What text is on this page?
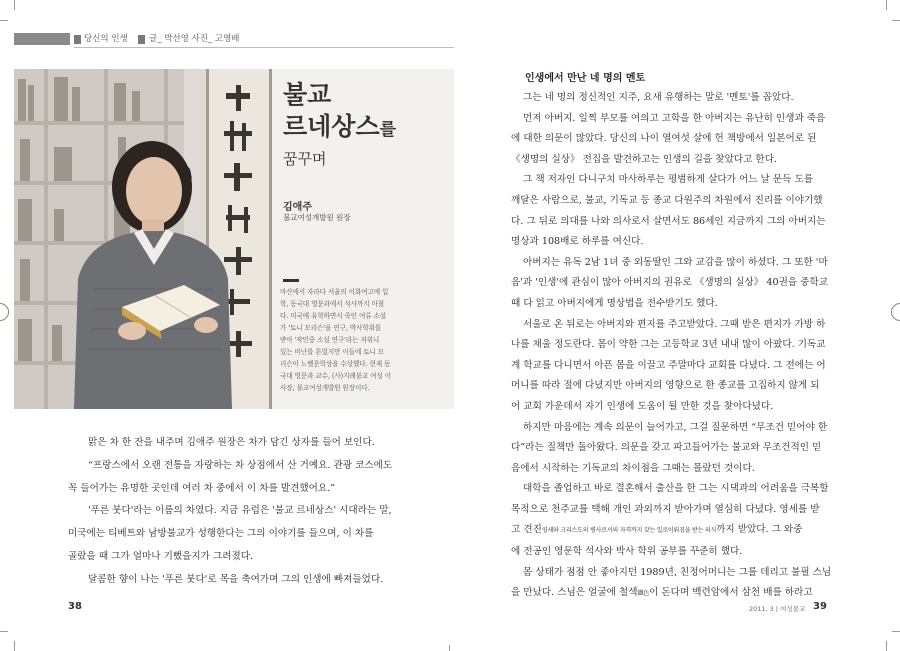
당신의 인생 글_ 박선영 사진_ 고영배
불교
르네상스를
꿈꾸며
김애주
불교여성개발원 원장
마산에서 자라다 서울의 이화여고에 입
학, 동국대 영문과에서 석사까지 마쳤
다. 미국에 유학하면서 죽인 여류 소설
가 '토니 모리슨'을 연구, 박사학위를
받아 '작민중 소설 연구'라는 저위니
있는 비난를 튼었지만 이들에 토니 모
리슨이 노벨문학상을 수상했다. 현재 동
국대 영문과 교수, (사)지례불교 여성 이
사장, 불교여성개발원 원장이다.

맑은 차 한 잔을 내주며 김애주 원장은 차가 담긴 상자를 들어 보인다.

“프랑스에서 오랜 전통을 자랑하는 차 상점에서 산 거예요. 관광 코스에도

꼭 들어가는 유명한 곳인데 여러 차 중에서 이 차를 발견했어요.”

'푸른 붓다'라는 이름의 차였다. 지금 유럽은 '불교 르네상스' 시대라는 말,

미국에는 티베트와 남방불교가 성행한다는 그의 이야기를 들으며, 이 차를

골랐을 때 그가 얼마나 기뻤을지가 그려졌다.

달콤한 향이 나는 '푸른 붓다'로 목을 축여가며 그의 인생에 빠져들었다.

인생에서 만난 네 명의 멘토
그는 네 명의 정신적인 지주, 요새 유행하는 말로 '멘토'를 꼽았다.
먼저 아버지. 일찍 부모를 여의고 고학을 한 아버지는 유난히 인생과 죽음
에 대한 의문이 많았다. 당신의 나이 열여섯 살에 헌 책방에서 일본어로 된
《생명의 실상》 전집을 발견하고는 인생의 길을 찾았다고 한다.
그 책 저자인 다니구치 마사하루는 평범하게 살다가 어느 날 문득 도를
깨달은 사람으로, 불교, 기독교 등 종교 다원주의 차원에서 진리를 이야기했
다. 그 뒤로 의대를 나와 의사로서 살면서도 86세인 지금까지 그의 아버지는
명상과 108배로 하루를 여신다.
아버지는 유독 2남 1녀 중 외동딸인 그와 교감을 많이 하셨다. 그 또한 '마
음'과 '인생'에 관심이 많아 아버지의 권유로 《생명의 실상》 40권을 중학교
때 다 읽고 아버지에게 명상법을 전수받기도 했다.
서울로 온 뒤로는 아버지와 편지를 주고받았다. 그때 받은 편지가 가방 하
나를 채울 정도란다. 몸이 약한 그는 고등학교 3년 내내 많이 아팠다. 기독교
계 학교를 다니면서 아픈 몸을 이끌고 주말마다 교회를 다녔다. 그 전에는 어
머니를 따라 절에 다녔지만 아버지의 영향으로 한 종교를 고집하지 않게 되
어 교회 가운데서 자기 인생에 도움이 될 만한 것을 찾아다녔다.
하지만 마음에는 계속 의문이 늘어가고, 그걸 질문하면 “무조건 믿어야 한
다”라는 질책만 돌아왔다. 의문을 갖고 파고들어가는 불교와 무조건적인 믿
음에서 시작하는 기독교의 차이점을 그때는 몰랐던 것이다.
대학을 졸업하고 바로 결혼해서 출산을 한 그는 시댁과의 어려움을 극복할
목적으로 천주교를 택해 개인 과외까지 받아가며 열심히 다녔다. 영세를 받
고 견진영세와 크리스도의 병사로서의 자격까지 갖는 일로이뤄짐을 받는 의식까지 받았다. 그 와중
에 전공인 영문학 석사와 박사 학위 공부를 꾸준히 했다.
몸 상태가 점점 안 좋아지던 1989년, 친정어머니는 그를 데리고 불필 스님
을 만났다. 스님은 얼굴에 철색鐵色이 돈다며 백련암에서 삼천 배를 하라고
38	2011. 3 | 여성불교 39
